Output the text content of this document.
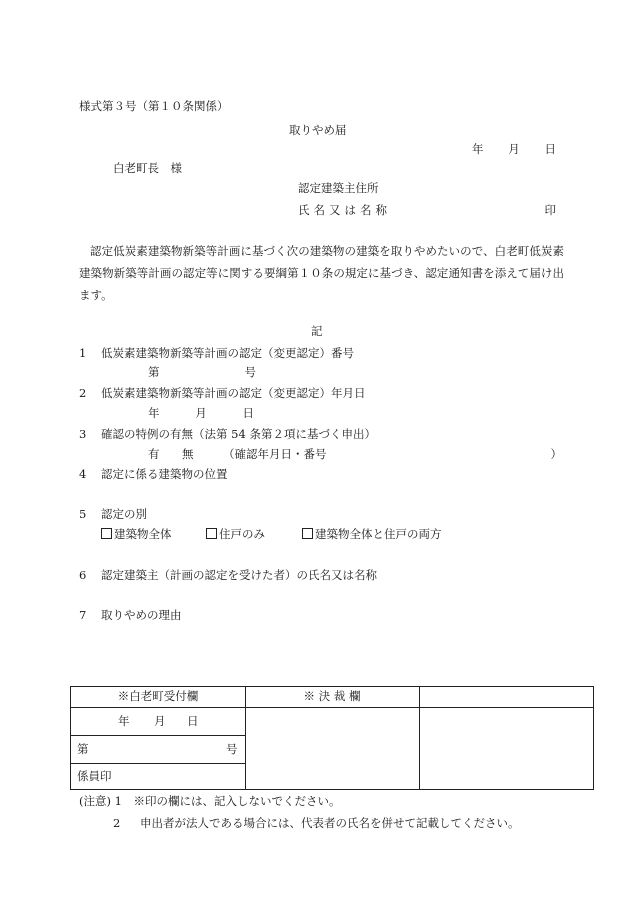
様式第３号（第１０条関係）
取りやめ届
年 月 日
白老町長　様
認定建築主住所
氏名又は名称	印
認定低炭素建築物新築等計画に基づく次の建築物の建築を取りやめたいので、白老町低炭素建築物新築等計画の認定等に関する要綱第１０条の規定に基づき、認定通知書を添えて届け出ます。
記
1 低炭素建築物新築等計画の認定（変更認定）番号
第	号
2 低炭素建築物新築等計画の認定（変更認定）年月日
年	月	日
3 確認の特例の有無（法第 54 条第２項に基づく申出）
有 無	（確認年月日・番号	）
4 認定に係る建築物の位置
5 認定の別
建築物全体	住戸のみ	建築物全体と住戸の両方
6 認定建築主（計画の認定を受けた者）の氏名又は名称
7 取りやめの理由
※白老町受付欄	※ 決 裁 欄
年 月 日
第	号
係員印
(注意) 1　※印の欄には、記入しないでください。
2 申出者が法人である場合には、代表者の氏名を併せて記載してください。
